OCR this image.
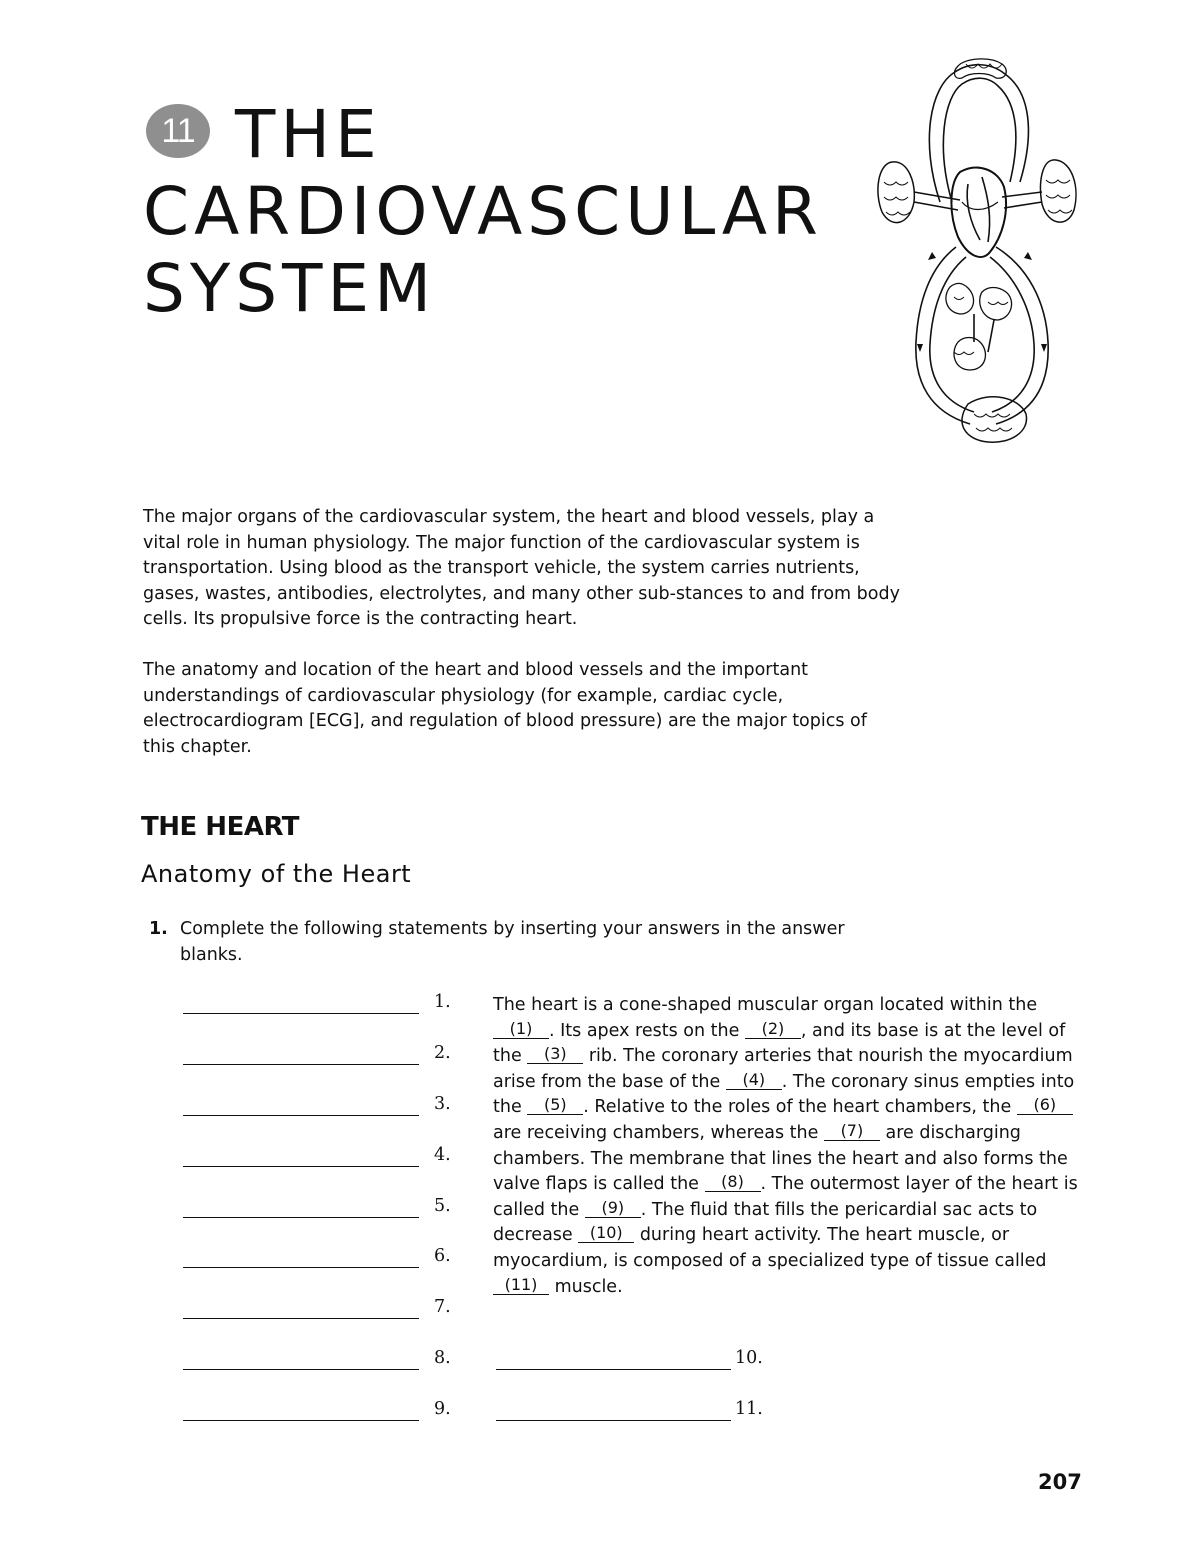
11 THE
CARDIOVASCULAR
SYSTEM

The major organs of the cardiovascular system, the heart and blood vessels, play a vital role in human physiology. The major function of the cardiovascular system is transportation. Using blood as the transport vehicle, the system carries nutrients, gases, wastes, antibodies, electrolytes, and many other sub-stances to and from body cells. Its propulsive force is the contracting heart.

The anatomy and location of the heart and blood vessels and the important understandings of cardiovascular physiology (for example, cardiac cycle, electrocardiogram [ECG], and regulation of blood pressure) are the major topics of this chapter.

THE HEART
Anatomy of the Heart
1. Complete the following statements by inserting your answers in the answer blanks.
1.
2.
3.
4.
5.
6.
7.
8.
9.
10.
11.

The heart is a cone-shaped muscular organ located within the
(1) . Its apex rests on the (2) , and its base is at the level of the (3) rib. The coronary arteries that nourish the myocardium arise from the base of the (4) . The coronary sinus empties into the (5) . Relative to the roles of the heart chambers, the (6) are receiving chambers, whereas the (7) are discharging chambers. The membrane that lines the heart and also forms the valve flaps is called the (8) . The outermost layer of the heart is called the (9) . The fluid that fills the pericardial sac acts to decrease (10) during heart activity. The heart muscle, or myocardium, is composed of a specialized type of tissue called (11) muscle.

207
